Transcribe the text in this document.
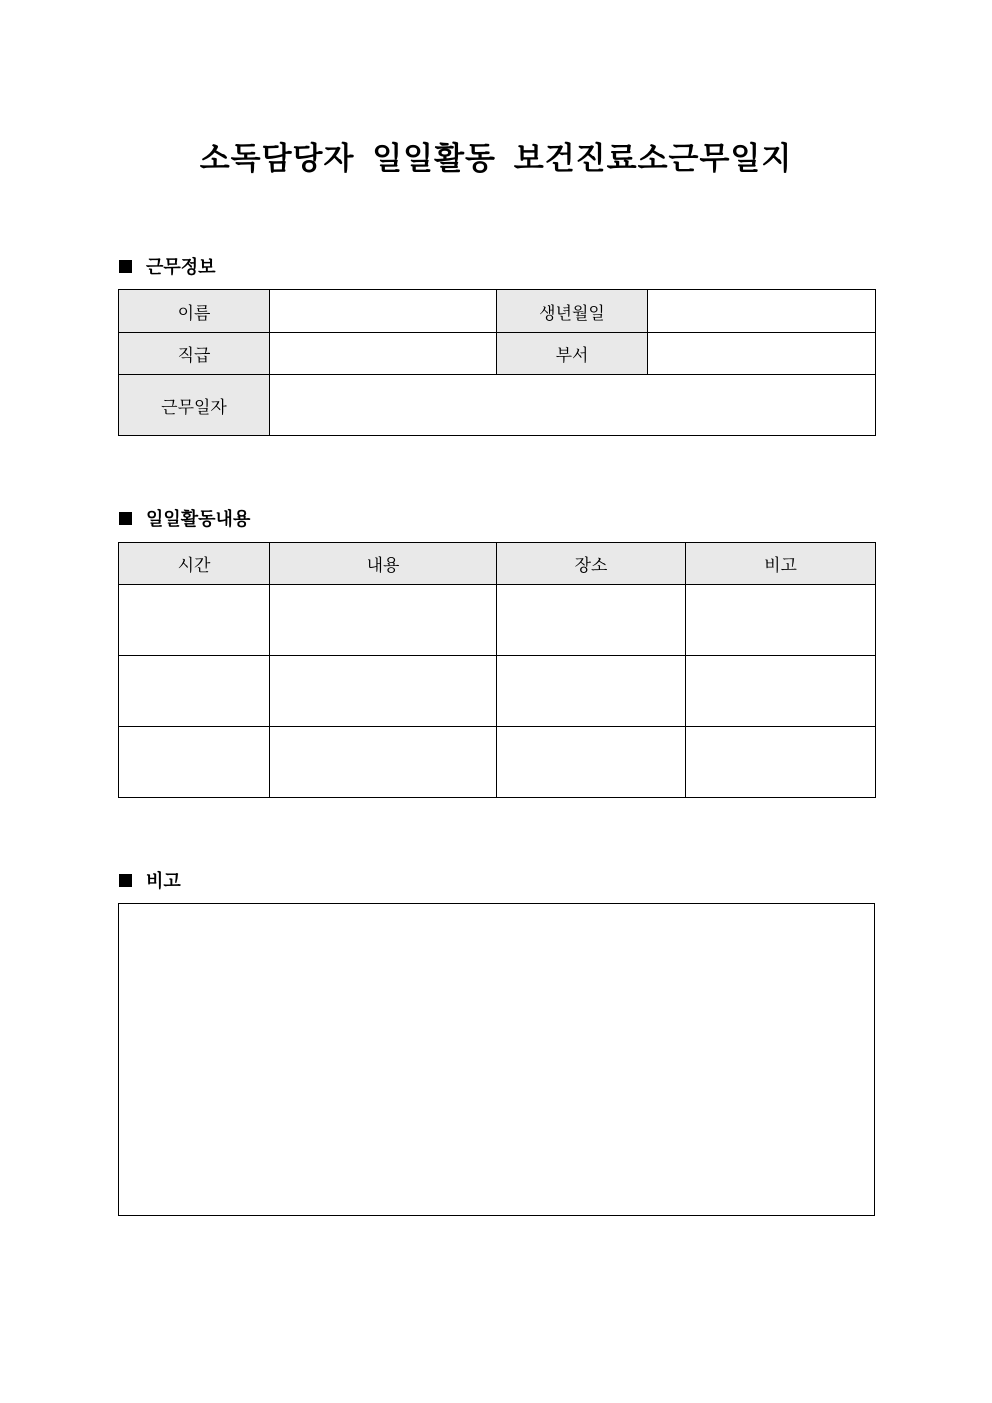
소독담당자 일일활동 보건진료소근무일지
근무정보
이름		생년월일	
직급		부서	
근무일자			
일일활동내용
시간	내용	장소	비고

비고
